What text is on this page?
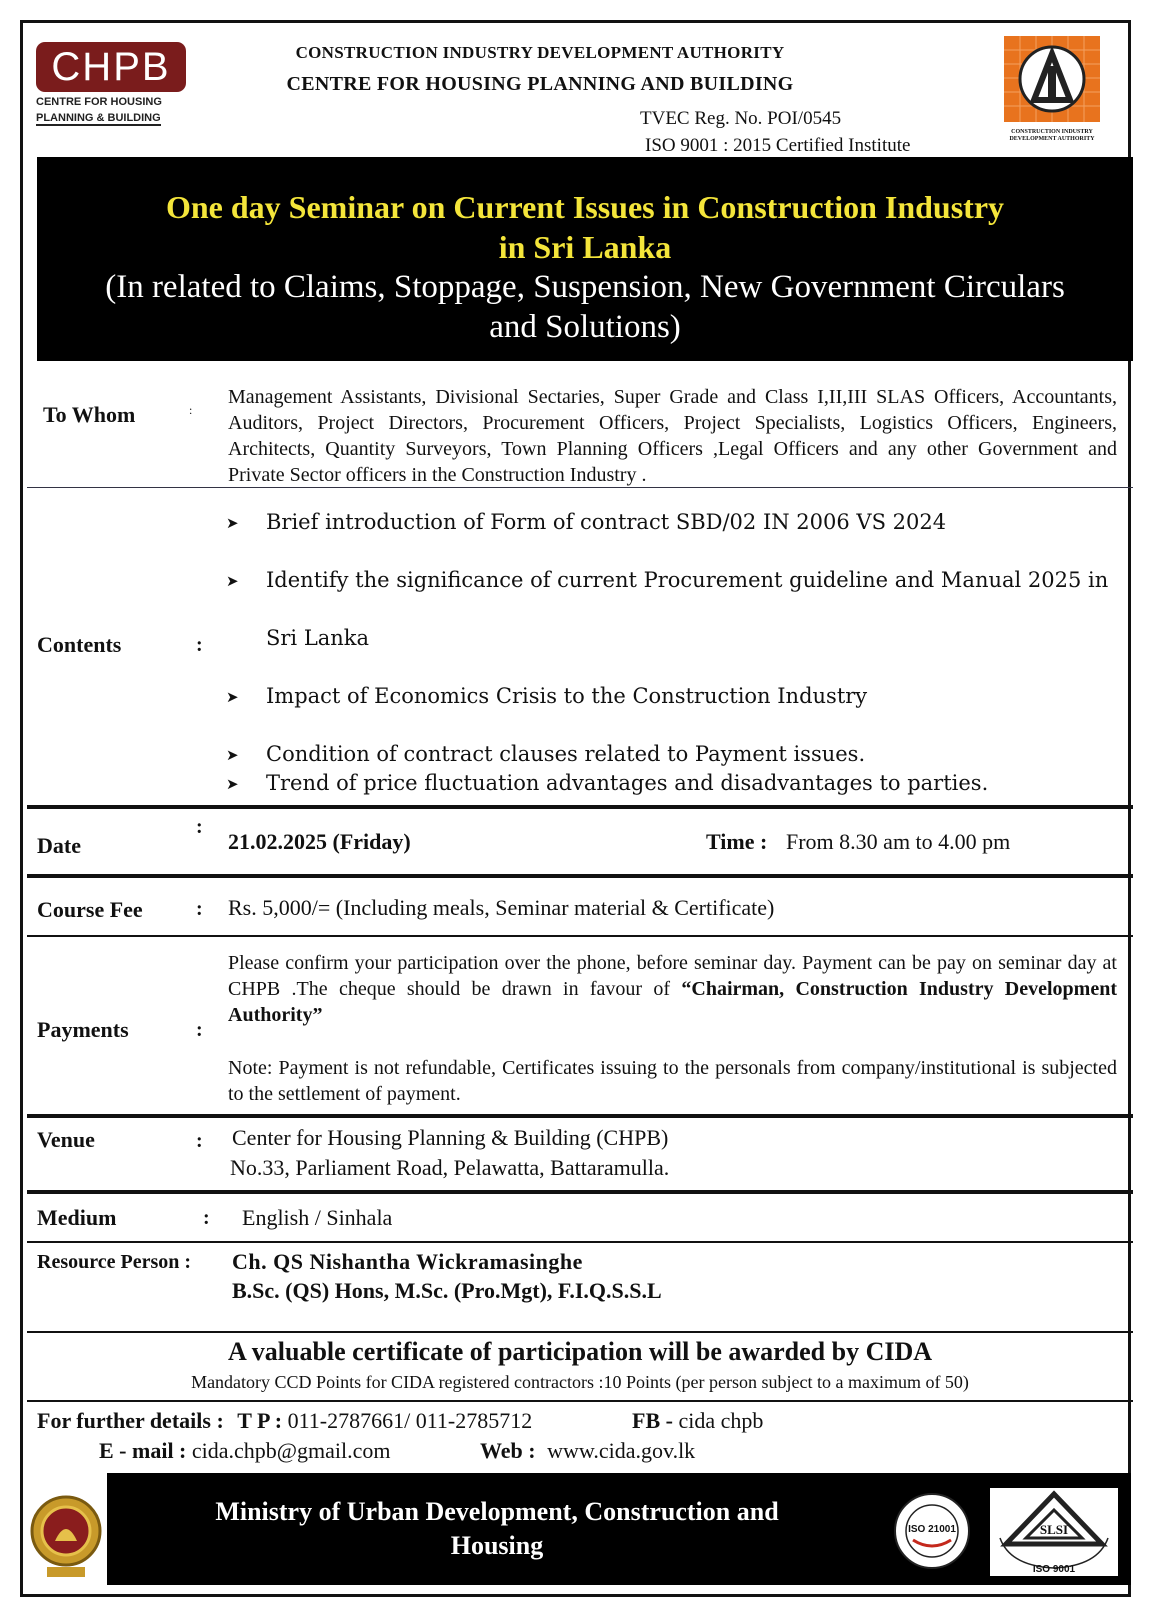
CHPB
CENTRE FOR HOUSING
PLANNING & BUILDING
CONSTRUCTION INDUSTRY DEVELOPMENT AUTHORITY
CENTRE FOR HOUSING PLANNING AND BUILDING
TVEC Reg. No. POI/0545
ISO 9001 : 2015 Certified Institute
CONSTRUCTION INDUSTRY DEVELOPMENT AUTHORITY
One day Seminar on Current Issues in Construction Industry
in Sri Lanka
(In related to Claims, Stoppage, Suspension, New Government Circulars
and Solutions)
To Whom	:
Management Assistants, Divisional Sectaries, Super Grade and Class I,II,III SLAS Officers, Accountants, Auditors, Project Directors, Procurement Officers, Project Specialists, Logistics Officers, Engineers, Architects, Quantity Surveyors, Town Planning Officers ,Legal Officers and any other Government and Private Sector officers in the Construction Industry .
Contents	:
➤ Brief introduction of Form of contract SBD/02 IN 2006 VS 2024
➤ Identify the significance of current Procurement guideline and Manual 2025 in
Sri Lanka
➤ Impact of Economics Crisis to the Construction Industry
➤ Condition of contract clauses related to Payment issues.
➤ Trend of price fluctuation advantages and disadvantages to parties.
Date
:
21.02.2025 (Friday)	Time : From 8.30 am to 4.00 pm
Course Fee	: Rs. 5,000/= (Including meals, Seminar material & Certificate)
Payments	:
Please confirm your participation over the phone, before seminar day. Payment can be pay on seminar day at CHPB .The cheque should be drawn in favour of “Chairman, Construction Industry Development Authority”
Note: Payment is not refundable, Certificates issuing to the personals from company/institutional is subjected to the settlement of payment.
Venue	: Center for Housing Planning & Building (CHPB)
No.33, Parliament Road, Pelawatta, Battaramulla.
Medium	: English / Sinhala
Resource Person : Ch. QS Nishantha Wickramasinghe
B.Sc. (QS) Hons, M.Sc. (Pro.Mgt), F.I.Q.S.S.L
A valuable certificate of participation will be awarded by CIDA
Mandatory CCD Points for CIDA registered contractors :10 Points (per person subject to a maximum of 50)
For further details : T P : 011-2787661/ 011-2785712	FB - cida chpb
E - mail : cida.chpb@gmail.com	Web : www.cida.gov.lk
Ministry of Urban Development, Construction and
Housing
ISO 21001	SLSI
ISO 9001
